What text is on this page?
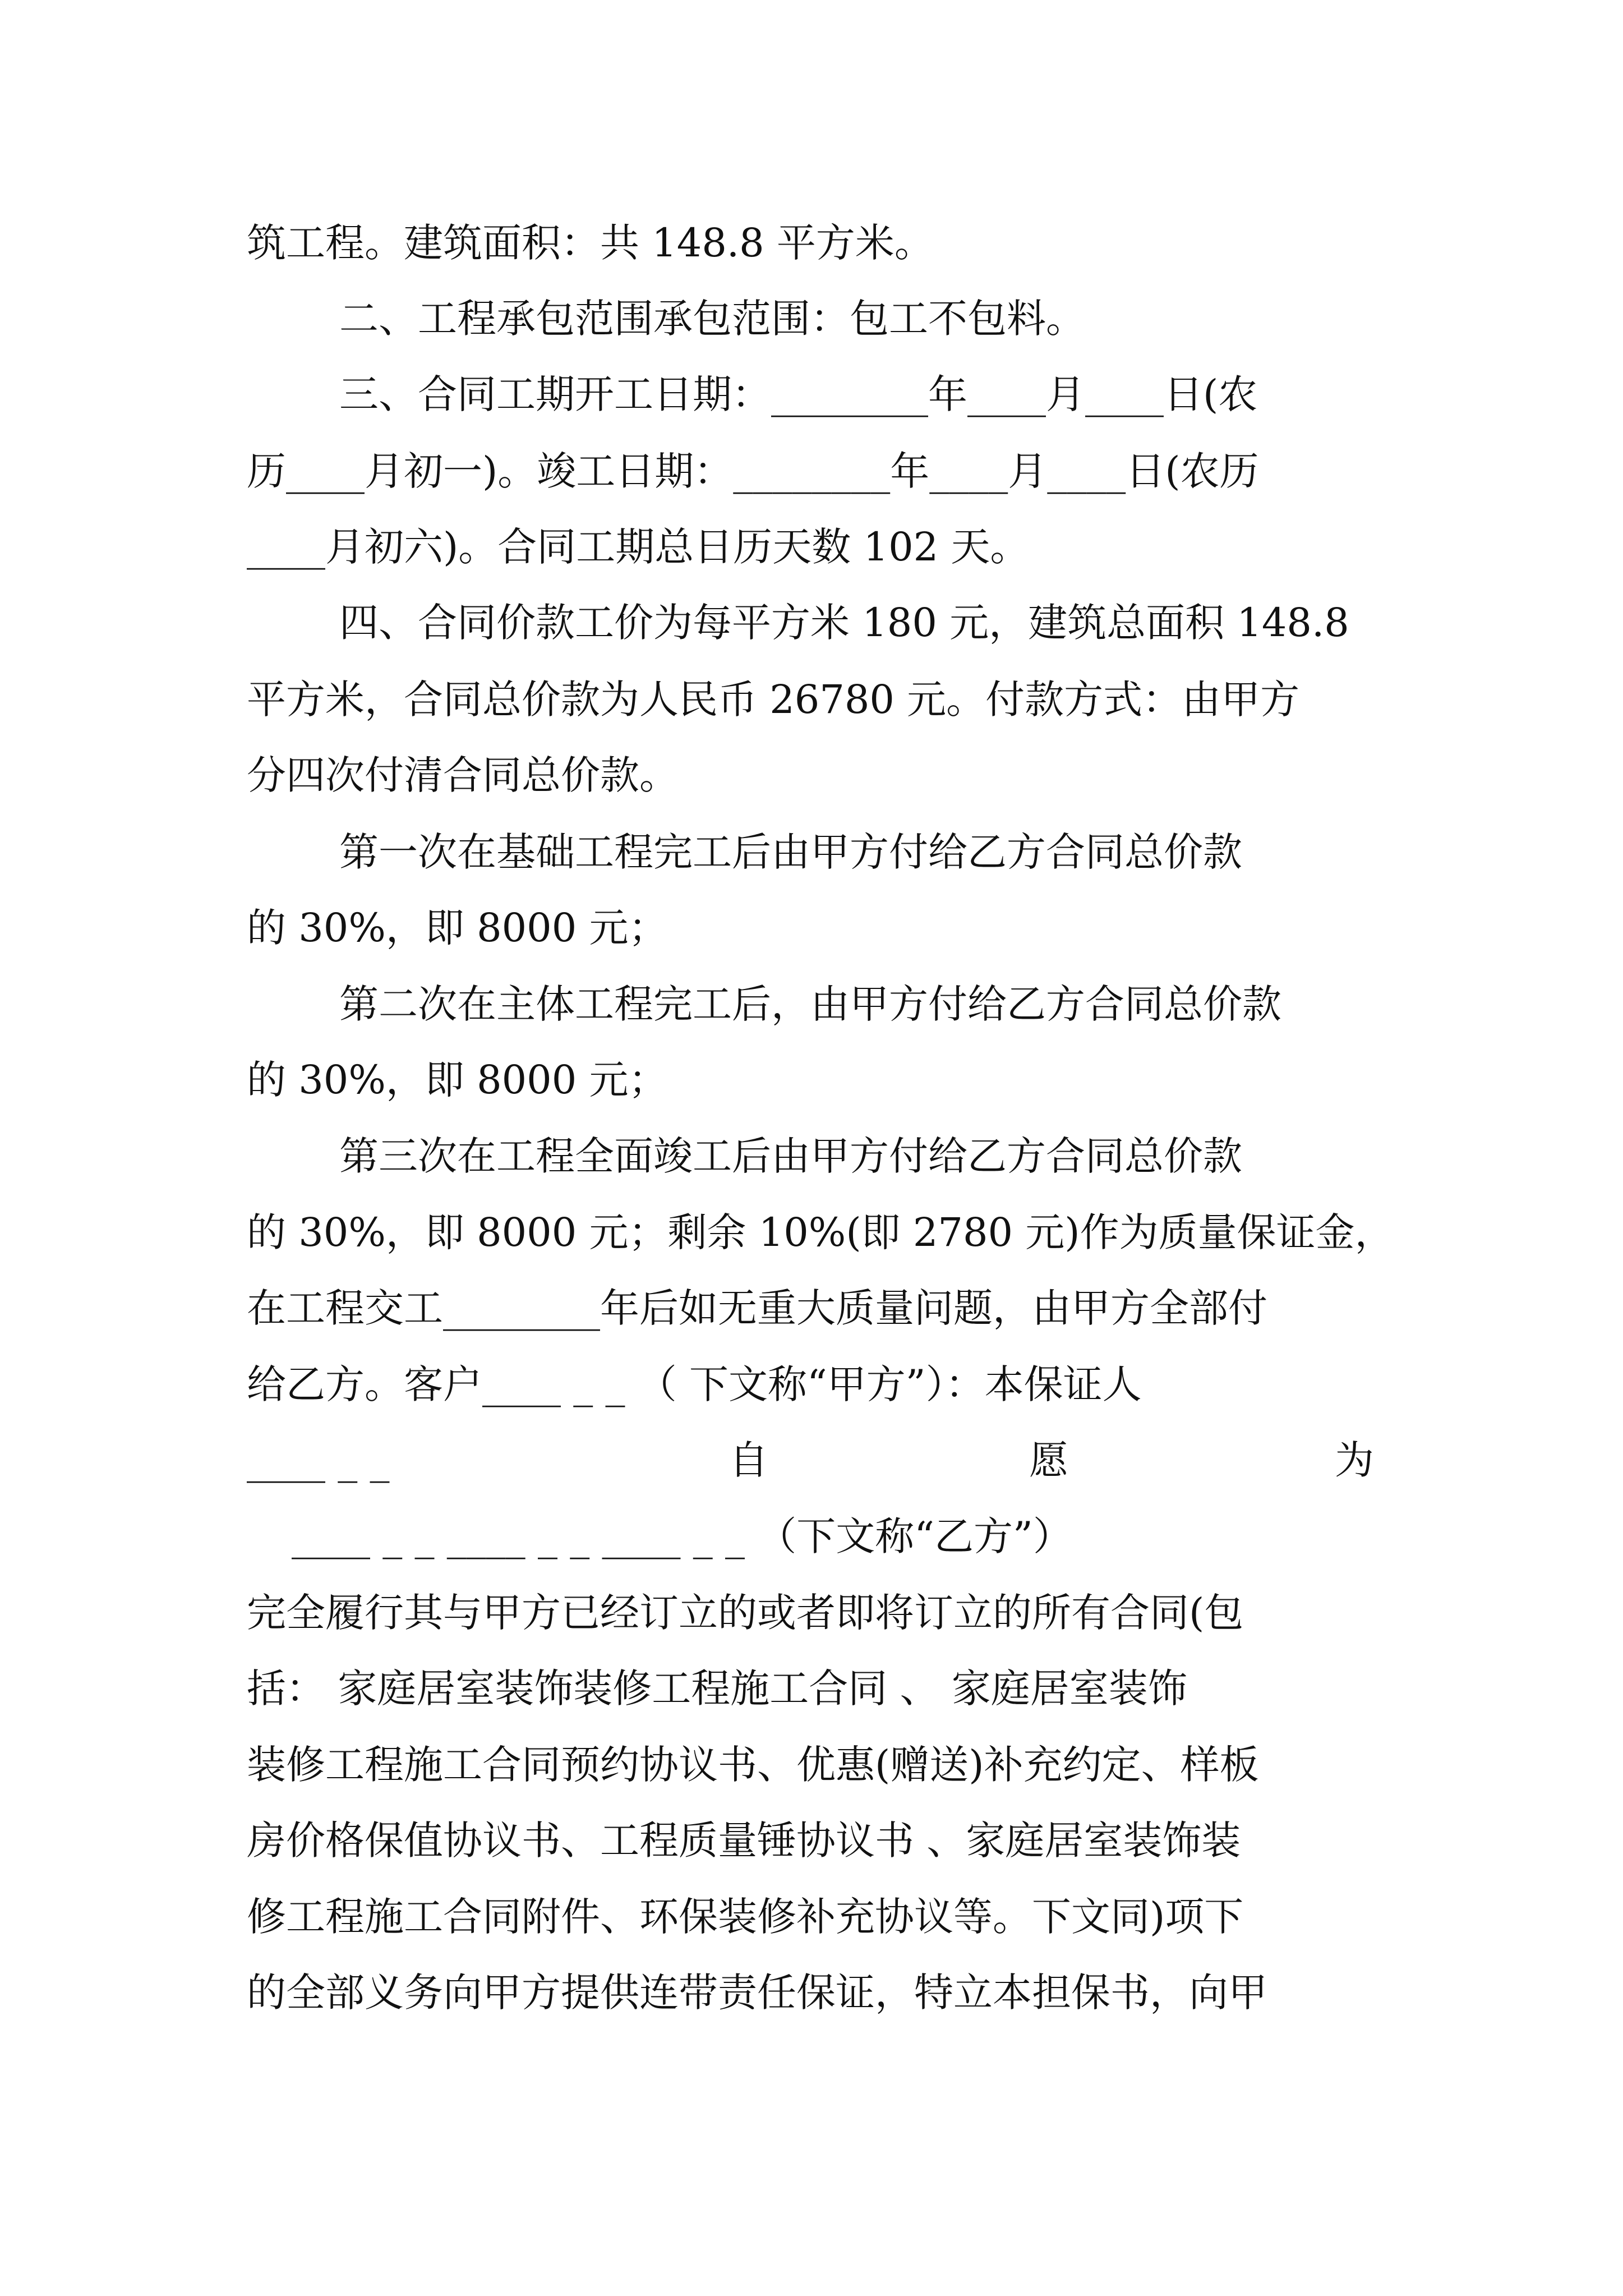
筑工程。建筑面积：共 148.8 平方米。
二、工程承包范围承包范围：包工不包料。
三、合同工期开工日期：________年____月____日(农
历____月初一)。竣工日期：________年____月____日(农历
____月初六)。合同工期总日历天数 102 天。
四、合同价款工价为每平方米 180 元，建筑总面积 148.8
平方米，合同总价款为人民币 26780 元。付款方式：由甲方
分四次付清合同总价款。
第一次在基础工程完工后由甲方付给乙方合同总价款
的 30%，即 8000 元；
第二次在主体工程完工后，由甲方付给乙方合同总价款
的 30%，即 8000 元；
第三次在工程全面竣工后由甲方付给乙方合同总价款
的 30%，即 8000 元；剩余 10%(即 2780 元)作为质量保证金，
在工程交工________年后如无重大质量问题，由甲方全部付
给乙方。客户____ _ _ （ 下文称“甲方”）：本保证人
____ _ _	自	愿	为
____ _ _ ____ _ _ ____ _ _ （下文称“乙方”）
完全履行其与甲方已经订立的或者即将订立的所有合同(包
括： 家庭居室装饰装修工程施工合同 、 家庭居室装饰
装修工程施工合同预约协议书、优惠(赠送)补充约定、样板
房价格保值协议书、工程质量锤协议书 、家庭居室装饰装
修工程施工合同附件、环保装修补充协议等。下文同)项下
的全部义务向甲方提供连带责任保证，特立本担保书，向甲
